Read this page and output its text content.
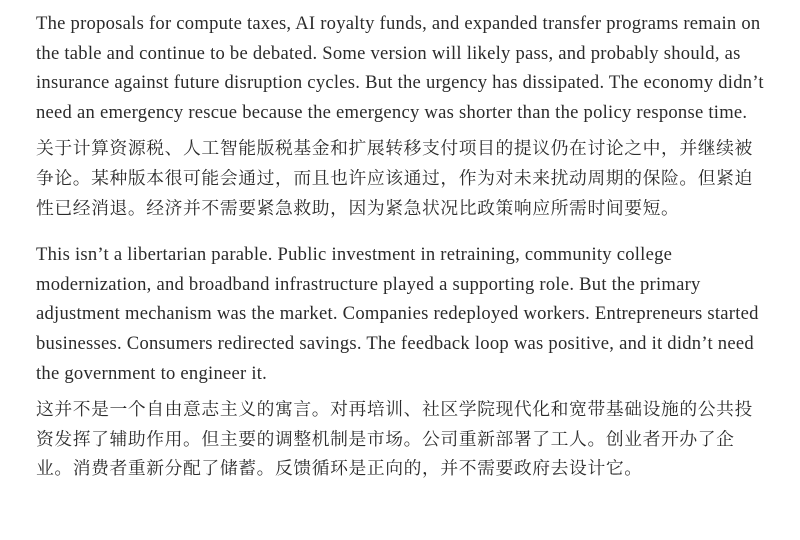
The proposals for compute taxes, AI royalty funds, and expanded transfer programs remain on the table and continue to be debated. Some version will likely pass, and probably should, as insurance against future disruption cycles. But the urgency has dissipated. The economy didn’t need an emergency rescue because the emergency was shorter than the policy response time.

关于计算资源税、人工智能版税基金和扩展转移支付项目的提议仍在讨论之中，并继续被争论。某种版本很可能会通过，而且也许应该通过，作为对未来扰动周期的保险。但紧迫性已经消退。经济并不需要紧急救助，因为紧急状况比政策响应所需时间要短。

This isn’t a libertarian parable. Public investment in retraining, community college modernization, and broadband infrastructure played a supporting role. But the primary adjustment mechanism was the market. Companies redeployed workers. Entrepreneurs started businesses. Consumers redirected savings. The feedback loop was positive, and it didn’t need the government to engineer it.

这并不是一个自由意志主义的寓言。对再培训、社区学院现代化和宽带基础设施的公共投资发挥了辅助作用。但主要的调整机制是市场。公司重新部署了工人。创业者开办了企业。消费者重新分配了储蓄。反馈循环是正向的，并不需要政府去设计它。
